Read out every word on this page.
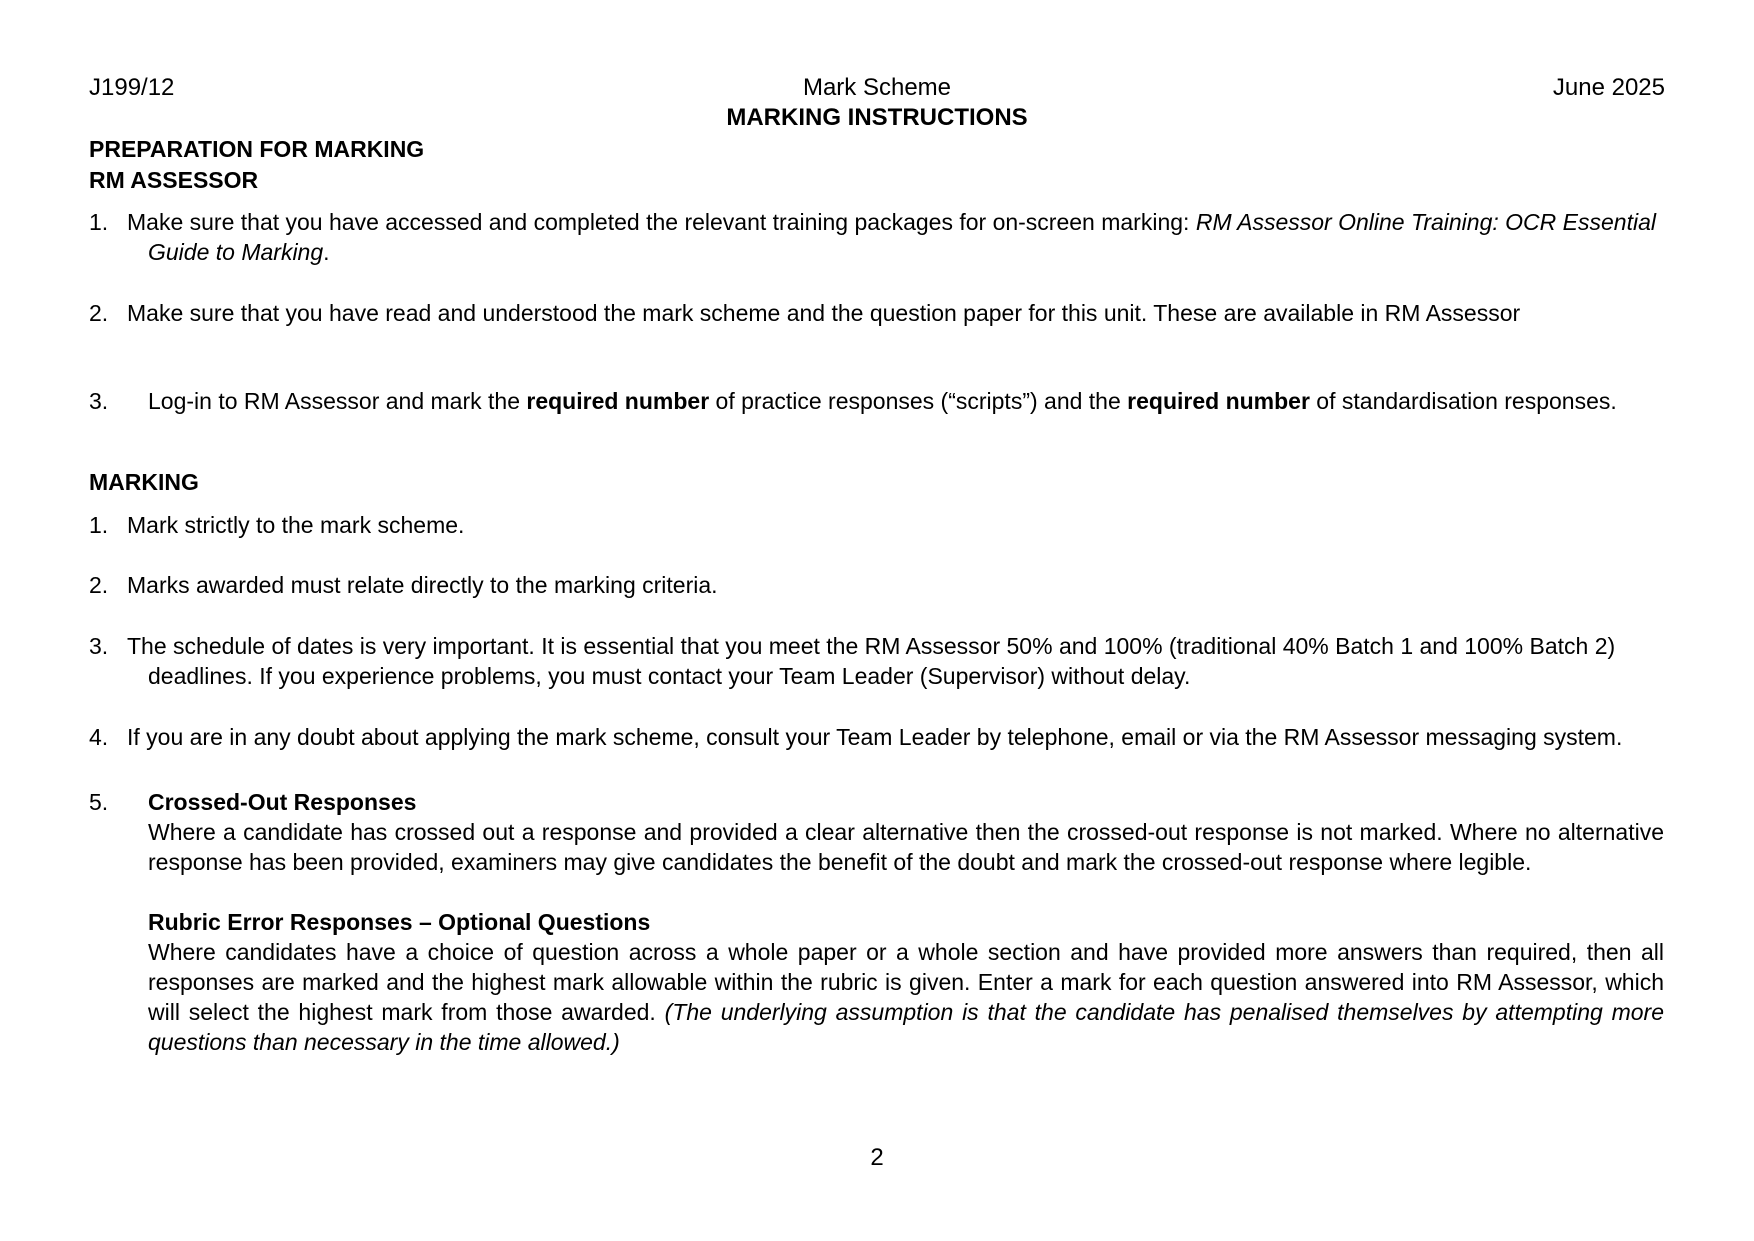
J199/12	Mark Scheme	June 2025
MARKING INSTRUCTIONS
PREPARATION FOR MARKING
RM ASSESSOR
1. Make sure that you have accessed and completed the relevant training packages for on-screen marking: RM Assessor Online Training: OCR Essential
Guide to Marking.
2. Make sure that you have read and understood the mark scheme and the question paper for this unit. These are available in RM Assessor
3.	Log-in to RM Assessor and mark the required number of practice responses (“scripts”) and the required number of standardisation responses.
MARKING
1. Mark strictly to the mark scheme.
2. Marks awarded must relate directly to the marking criteria.
3. The schedule of dates is very important. It is essential that you meet the RM Assessor 50% and 100% (traditional 40% Batch 1 and 100% Batch 2)
deadlines. If you experience problems, you must contact your Team Leader (Supervisor) without delay.
4. If you are in any doubt about applying the mark scheme, consult your Team Leader by telephone, email or via the RM Assessor messaging system.
5.	Crossed-Out Responses
Where a candidate has crossed out a response and provided a clear alternative then the crossed-out response is not marked. Where no alternative response has been provided, examiners may give candidates the benefit of the doubt and mark the crossed-out response where legible.
Rubric Error Responses – Optional Questions
Where candidates have a choice of question across a whole paper or a whole section and have provided more answers than required, then all responses are marked and the highest mark allowable within the rubric is given. Enter a mark for each question answered into RM Assessor, which will select the highest mark from those awarded. (The underlying assumption is that the candidate has penalised themselves by attempting more questions than necessary in the time allowed.)
2
